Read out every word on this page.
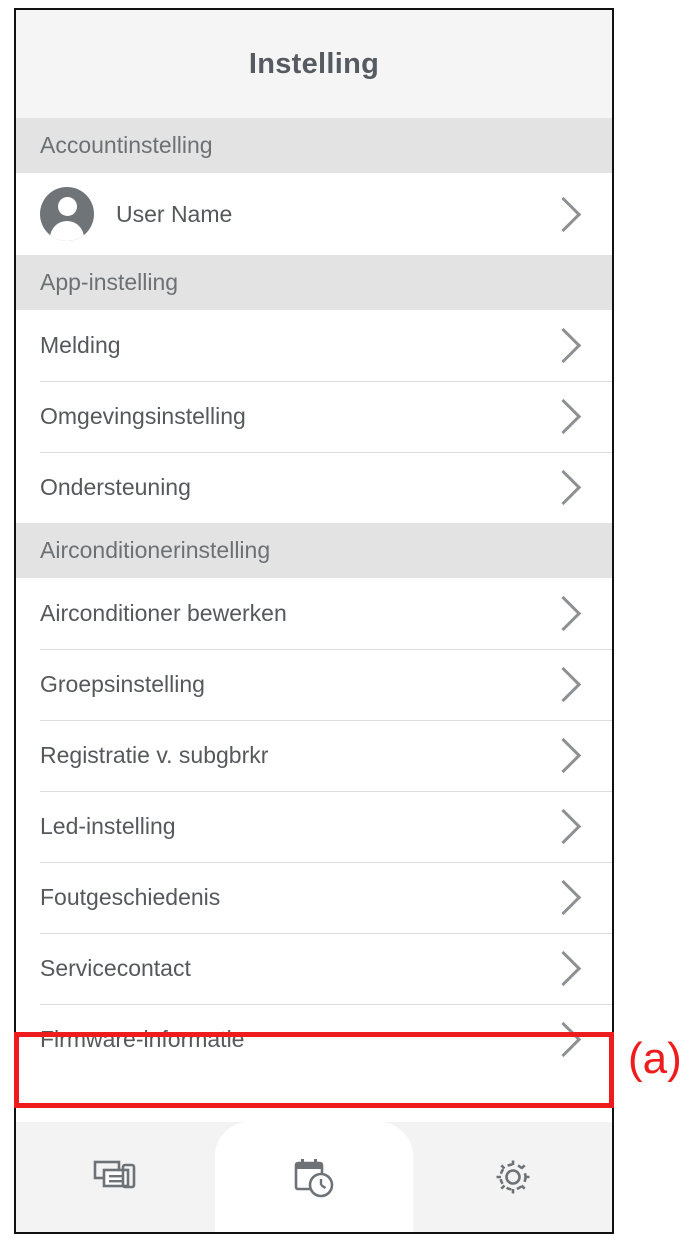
Instelling
Accountinstelling
User Name
App-instelling
Melding
Omgevingsinstelling
Ondersteuning
Airconditionerinstelling
Airconditioner bewerken
Groepsinstelling
Registratie v. subgbrkr
Led-instelling
Foutgeschiedenis
Servicecontact
Firmware-informatie	(a)
